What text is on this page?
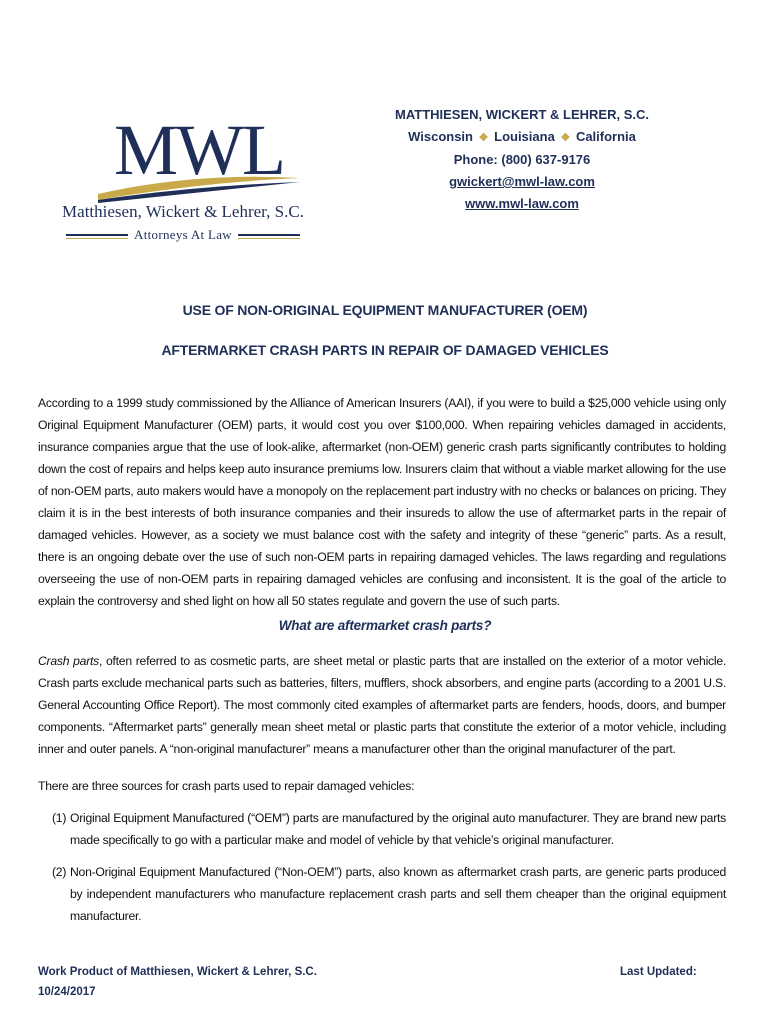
MWL
Matthiesen, Wickert & Lehrer, S.C.
Attorneys At Law
MATTHIESEN, WICKERT & LEHRER, S.C.
Wisconsin ❖ Louisiana ❖ California
Phone: (800) 637-9176
gwickert@mwl-law.com
www.mwl-law.com
USE OF NON-ORIGINAL EQUIPMENT MANUFACTURER (OEM)
AFTERMARKET CRASH PARTS IN REPAIR OF DAMAGED VEHICLES
According to a 1999 study commissioned by the Alliance of American Insurers (AAI), if you were to build a $25,000 vehicle using only Original Equipment Manufacturer (OEM) parts, it would cost you over $100,000. When repairing vehicles damaged in accidents, insurance companies argue that the use of look-alike, aftermarket (non-OEM) generic crash parts significantly contributes to holding down the cost of repairs and helps keep auto insurance premiums low. Insurers claim that without a viable market allowing for the use of non-OEM parts, auto makers would have a monopoly on the replacement part industry with no checks or balances on pricing. They claim it is in the best interests of both insurance companies and their insureds to allow the use of aftermarket parts in the repair of damaged vehicles. However, as a society we must balance cost with the safety and integrity of these “generic” parts. As a result, there is an ongoing debate over the use of such non-OEM parts in repairing damaged vehicles. The laws regarding and regulations overseeing the use of non-OEM parts in repairing damaged vehicles are confusing and inconsistent. It is the goal of the article to explain the controversy and shed light on how all 50 states regulate and govern the use of such parts.
What are aftermarket crash parts?
Crash parts, often referred to as cosmetic parts, are sheet metal or plastic parts that are installed on the exterior of a motor vehicle. Crash parts exclude mechanical parts such as batteries, filters, mufflers, shock absorbers, and engine parts (according to a 2001 U.S. General Accounting Office Report). The most commonly cited examples of aftermarket parts are fenders, hoods, doors, and bumper components. “Aftermarket parts” generally mean sheet metal or plastic parts that constitute the exterior of a motor vehicle, including inner and outer panels. A “non-original manufacturer” means a manufacturer other than the original manufacturer of the part.
There are three sources for crash parts used to repair damaged vehicles:
(1) Original Equipment Manufactured (“OEM”) parts are manufactured by the original auto manufacturer. They are brand new parts made specifically to go with a particular make and model of vehicle by that vehicle’s original manufacturer.
(2) Non-Original Equipment Manufactured (“Non-OEM”) parts, also known as aftermarket crash parts, are generic parts produced by independent manufacturers who manufacture replacement crash parts and sell them cheaper than the original equipment manufacturer.
Work Product of Matthiesen, Wickert & Lehrer, S.C.
10/24/2017
Last Updated:
